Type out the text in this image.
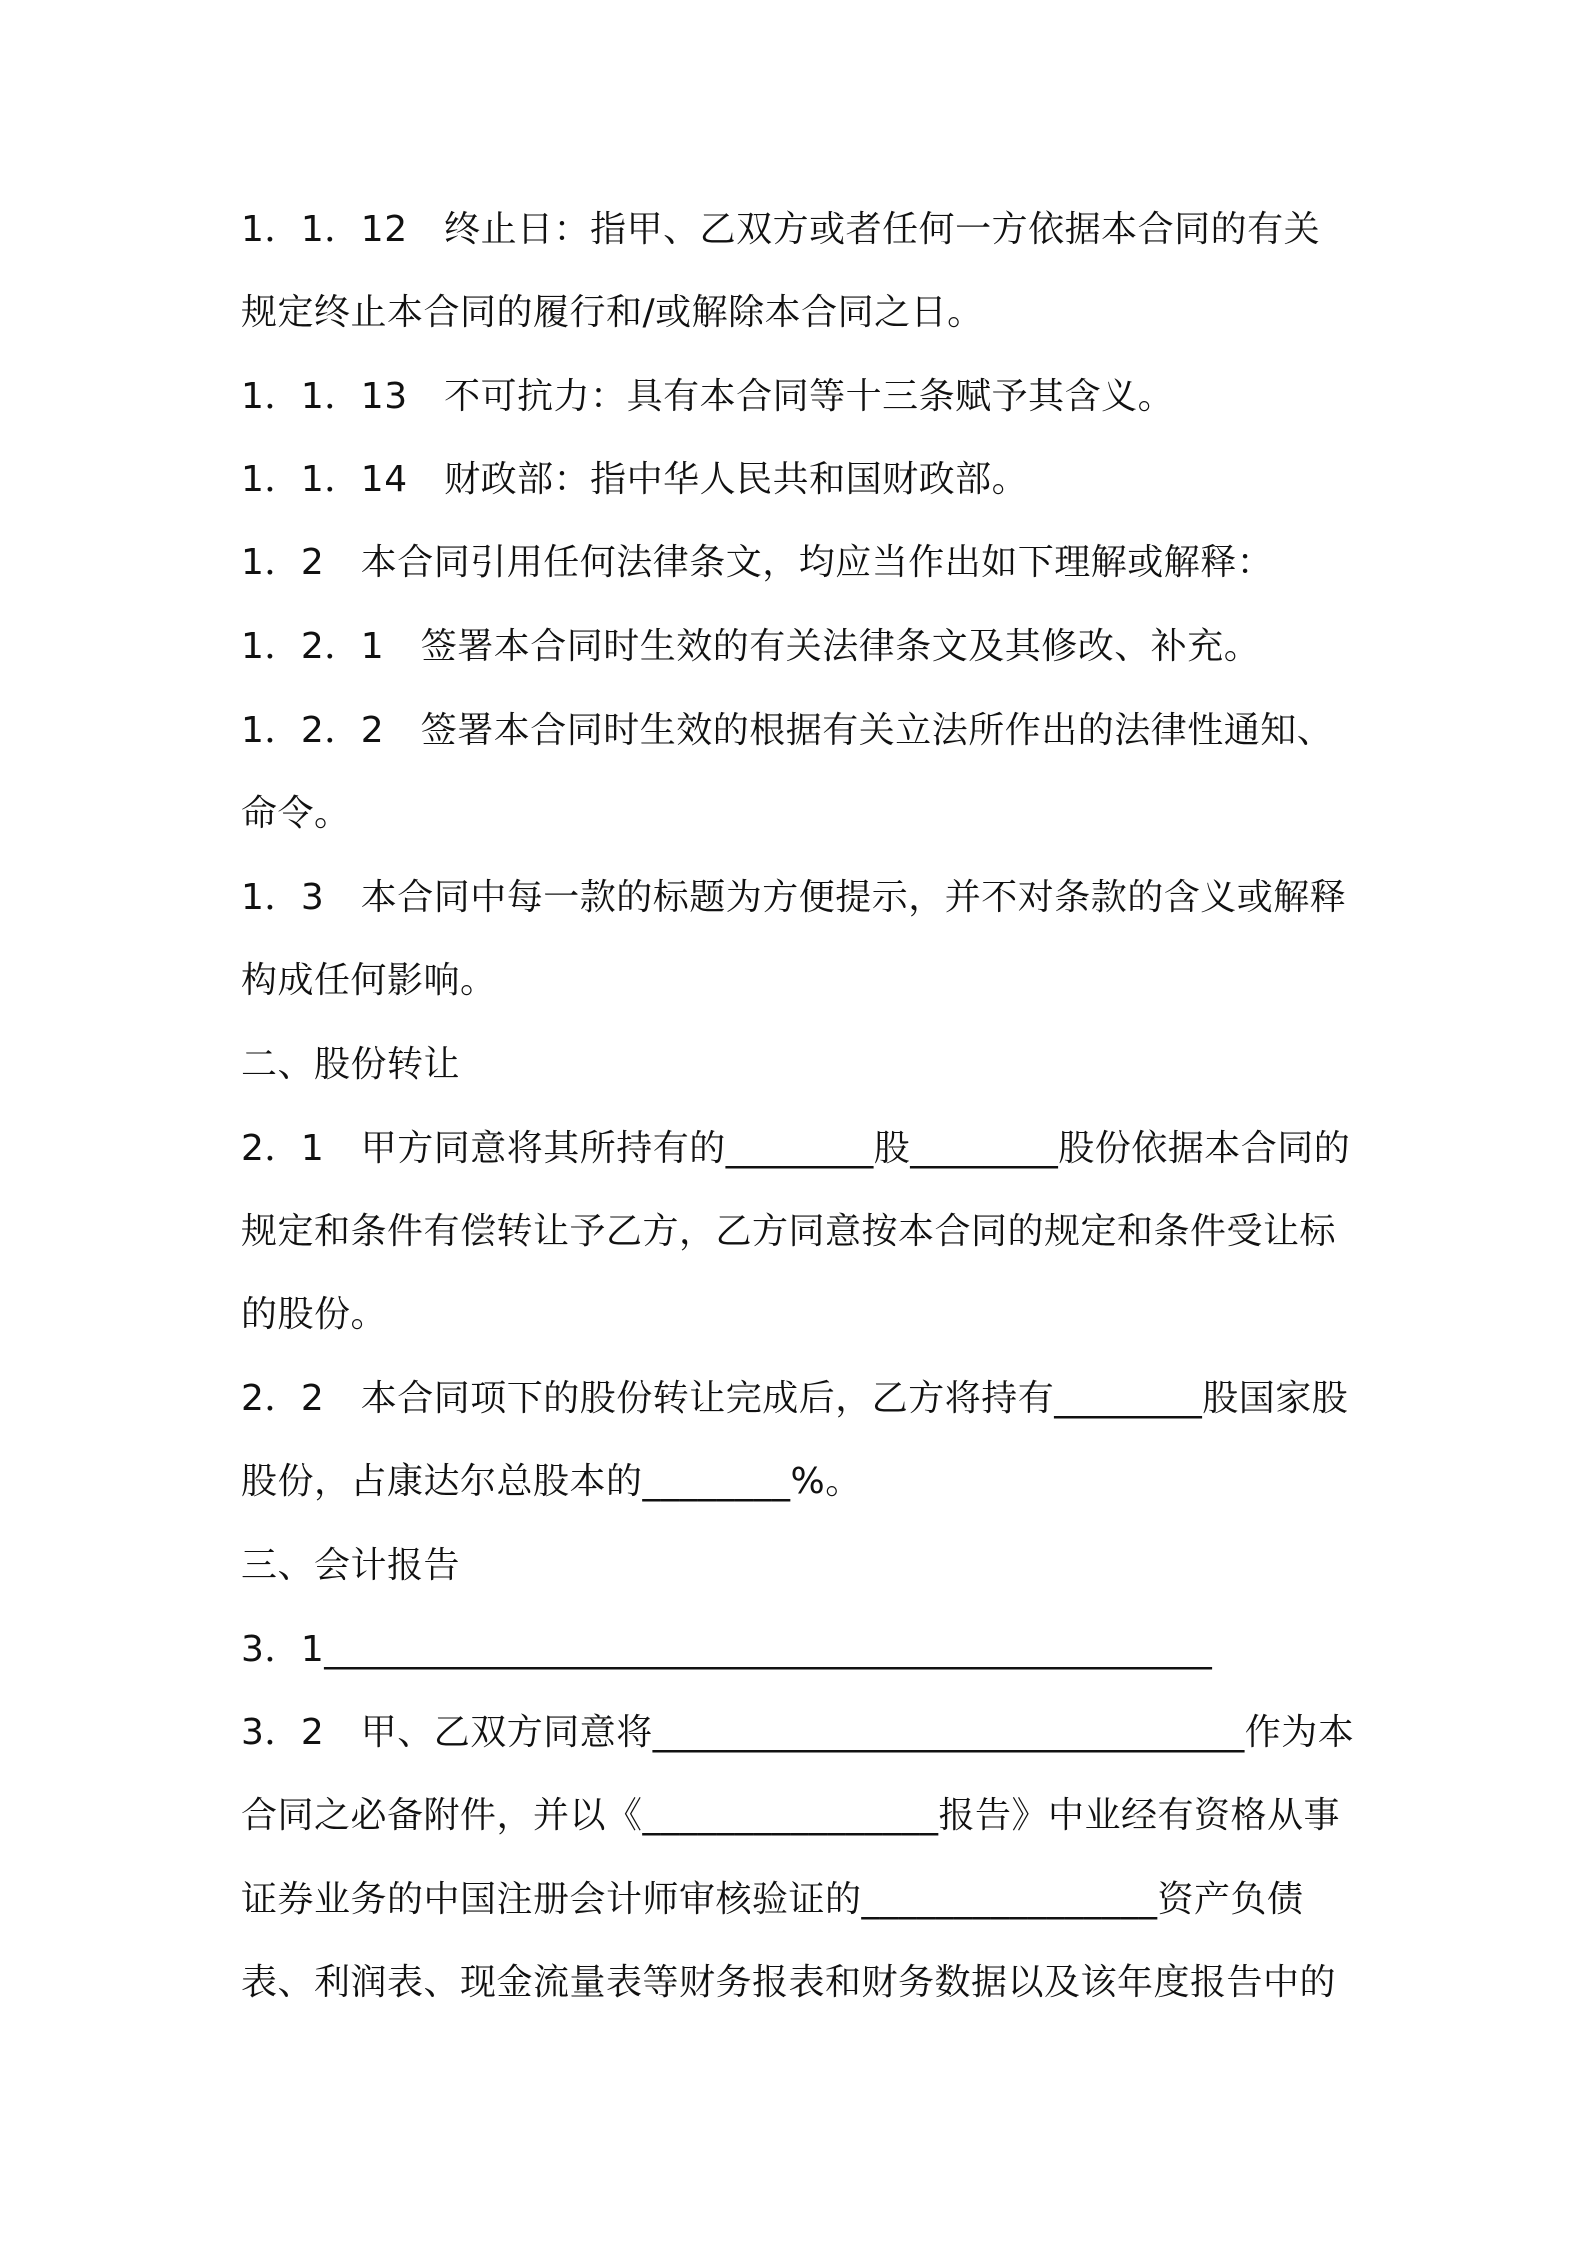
1．1．12　终止日：指甲、乙双方或者任何一方依据本合同的有关

规定终止本合同的履行和/或解除本合同之日。

1．1．13　不可抗力：具有本合同等十三条赋予其含义。

1．1．14　财政部：指中华人民共和国财政部。

1．2　本合同引用任何法律条文，均应当作出如下理解或解释：

1．2．1　签署本合同时生效的有关法律条文及其修改、补充。

1．2．2　签署本合同时生效的根据有关立法所作出的法律性通知、

命令。

1．3　本合同中每一款的标题为方便提示，并不对条款的含义或解释

构成任何影响。

二、股份转让

2．1　甲方同意将其所持有的________股________股份依据本合同的

规定和条件有偿转让予乙方，乙方同意按本合同的规定和条件受让标

的股份。

2．2　本合同项下的股份转让完成后，乙方将持有________股国家股

股份，占康达尔总股本的________%。

三、会计报告

3．1________________________________________________

3．2　甲、乙双方同意将________________________________作为本

合同之必备附件，并以《________________报告》中业经有资格从事

证券业务的中国注册会计师审核验证的________________资产负债

表、利润表、现金流量表等财务报表和财务数据以及该年度报告中的
